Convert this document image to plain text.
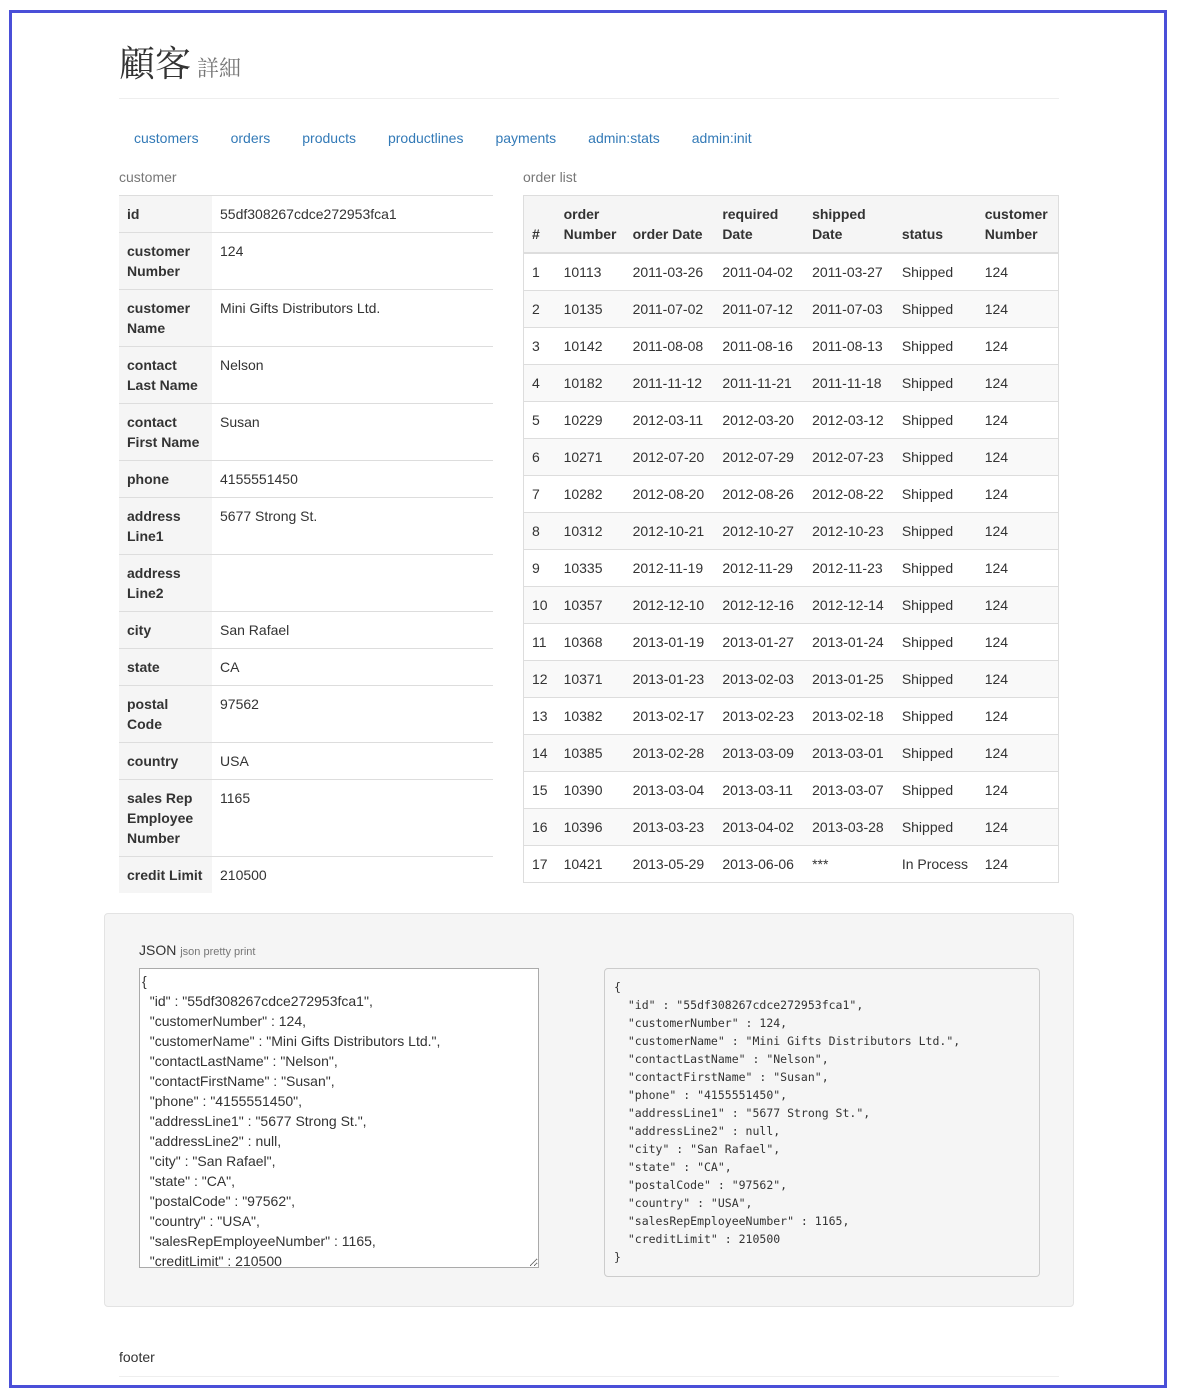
顧客 詳細
customers	orders	products	productlines	payments	admin:stats	admin:init
customer	order list
id	55df308267cdce272953fca1
customer Number	124
customer Name	Mini Gifts Distributors Ltd.
contact Last Name	Nelson
contact First Name	Susan
phone	4155551450
address Line1	5677 Strong St.
address Line2	
city	San Rafael
state	CA
postal Code	97562
country	USA
sales Rep Employee Number	1165
credit Limit	210500
#	order Number	order Date	required Date	shipped Date	status	customer Number
1	10113	2011-03-26	2011-04-02	2011-03-27	Shipped	124
2	10135	2011-07-02	2011-07-12	2011-07-03	Shipped	124
3	10142	2011-08-08	2011-08-16	2011-08-13	Shipped	124
4	10182	2011-11-12	2011-11-21	2011-11-18	Shipped	124
5	10229	2012-03-11	2012-03-20	2012-03-12	Shipped	124
6	10271	2012-07-20	2012-07-29	2012-07-23	Shipped	124
7	10282	2012-08-20	2012-08-26	2012-08-22	Shipped	124
8	10312	2012-10-21	2012-10-27	2012-10-23	Shipped	124
9	10335	2012-11-19	2012-11-29	2012-11-23	Shipped	124
10	10357	2012-12-10	2012-12-16	2012-12-14	Shipped	124
11	10368	2013-01-19	2013-01-27	2013-01-24	Shipped	124
12	10371	2013-01-23	2013-02-03	2013-01-25	Shipped	124
13	10382	2013-02-17	2013-02-23	2013-02-18	Shipped	124
14	10385	2013-02-28	2013-03-09	2013-03-01	Shipped	124
15	10390	2013-03-04	2013-03-11	2013-03-07	Shipped	124
16	10396	2013-03-23	2013-04-02	2013-03-28	Shipped	124
17	10421	2013-05-29	2013-06-06	***	In Process	124
footer
JSON json pretty print
{ "id" : "55df308267cdce272953fca1", "customerNumber" : 124, "customerName" : "Mini Gifts Distributors Ltd.", "contactLastName" : "Nelson", "contactFirstName" : "Susan", "phone" : "4155551450", "addressLine1" : "5677 Strong St.", "addressLine2" : null, "city" : "San Rafael", "state" : "CA", "postalCode" : "97562", "country" : "USA", "salesRepEmployeeNumber" : 1165, "creditLimit" : 210500 }
{
"id" : "55df308267cdce272953fca1",
"customerNumber" : 124,
"customerName" : "Mini Gifts Distributors Ltd.",
"contactLastName" : "Nelson",
"contactFirstName" : "Susan",
"phone" : "4155551450",
"addressLine1" : "5677 Strong St.",
"addressLine2" : null,
"city" : "San Rafael",
"state" : "CA",
"postalCode" : "97562",
"country" : "USA",
"salesRepEmployeeNumber" : 1165,
"creditLimit" : 210500
}
